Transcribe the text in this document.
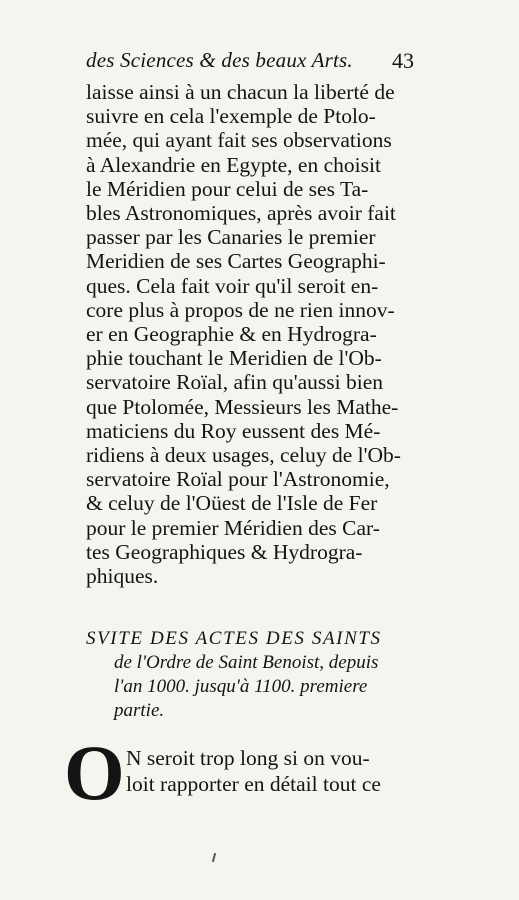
des Sciences & des beaux Arts.	43
laisse ainsi à un chacun la liberté de
suivre en cela l'exemple de Ptolo-
mée, qui ayant fait ses observations
à Alexandrie en Egypte, en choisit
le Méridien pour celui de ses Ta-
bles Astronomiques, après avoir fait
passer par les Canaries le premier
Meridien de ses Cartes Geographi-
ques. Cela fait voir qu'il seroit en-
core plus à propos de ne rien innov-
er en Geographie & en Hydrogra-
phie touchant le Meridien de l'Ob-
servatoire Roïal, afin qu'aussi bien
que Ptolomée, Messieurs les Mathe-
maticiens du Roy eussent des Mé-
ridiens à deux usages, celuy de l'Ob-
servatoire Roïal pour l'Astronomie,
& celuy de l'Oüest de l'Isle de Fer
pour le premier Méridien des Car-
tes Geographiques & Hydrogra-
phiques.
SVITE DES ACTES DES SAINTS
de l'Ordre de Saint Benoist, depuis
l'an 1000. jusqu'à 1100. premiere
partie.
O N seroit trop long si on vou-
loit rapporter en détail tout ce
